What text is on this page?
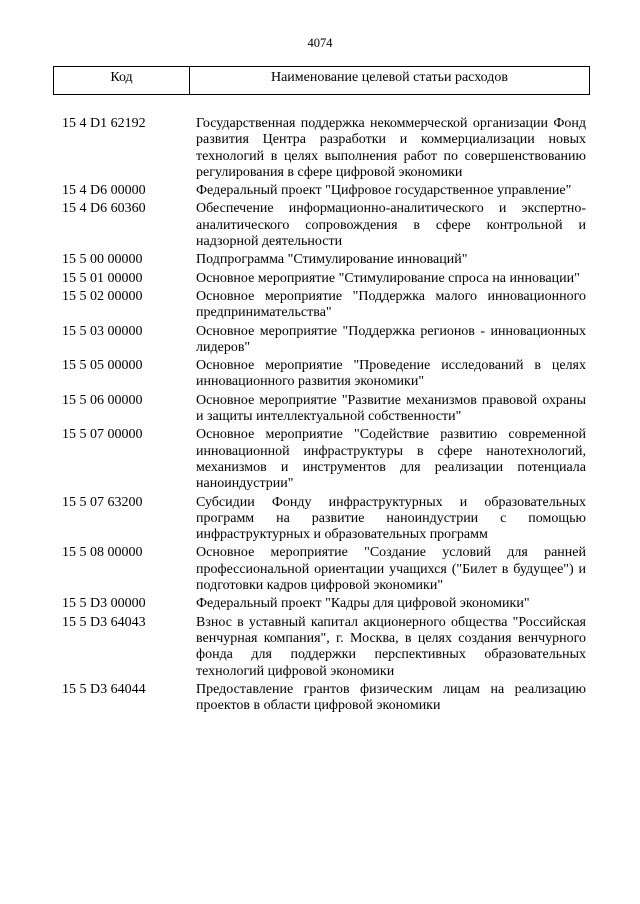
4074
Код	Наименование целевой статьи расходов
15 4 D1 62192	Государственная поддержка некоммерческой организации Фонд развития Центра разработки и коммерциализации новых технологий в целях выполнения работ по совершенствованию регулирования в сфере цифровой экономики
15 4 D6 00000	Федеральный проект "Цифровое государственное управление"
15 4 D6 60360	Обеспечение информационно-аналитического и экспертно-аналитического сопровождения в сфере контрольной и надзорной деятельности
15 5 00 00000	Подпрограмма "Стимулирование инноваций"
15 5 01 00000	Основное мероприятие "Стимулирование спроса на инновации"
15 5 02 00000	Основное мероприятие "Поддержка малого инновационного предпринимательства"
15 5 03 00000	Основное мероприятие "Поддержка регионов - инновационных лидеров"
15 5 05 00000	Основное мероприятие "Проведение исследований в целях инновационного развития экономики"
15 5 06 00000	Основное мероприятие "Развитие механизмов правовой охраны и защиты интеллектуальной собственности"
15 5 07 00000	Основное мероприятие "Содействие развитию современной инновационной инфраструктуры в сфере нанотехнологий, механизмов и инструментов для реализации потенциала наноиндустрии"
15 5 07 63200	Субсидии Фонду инфраструктурных и образовательных программ на развитие наноиндустрии с помощью инфраструктурных и образовательных программ
15 5 08 00000	Основное мероприятие "Создание условий для ранней профессиональной ориентации учащихся ("Билет в будущее") и подготовки кадров цифровой экономики"
15 5 D3 00000	Федеральный проект "Кадры для цифровой экономики"
15 5 D3 64043	Взнос в уставный капитал акционерного общества "Российская венчурная компания", г. Москва, в целях создания венчурного фонда для поддержки перспективных образовательных технологий цифровой экономики
15 5 D3 64044	Предоставление грантов физическим лицам на реализацию проектов в области цифровой экономики
